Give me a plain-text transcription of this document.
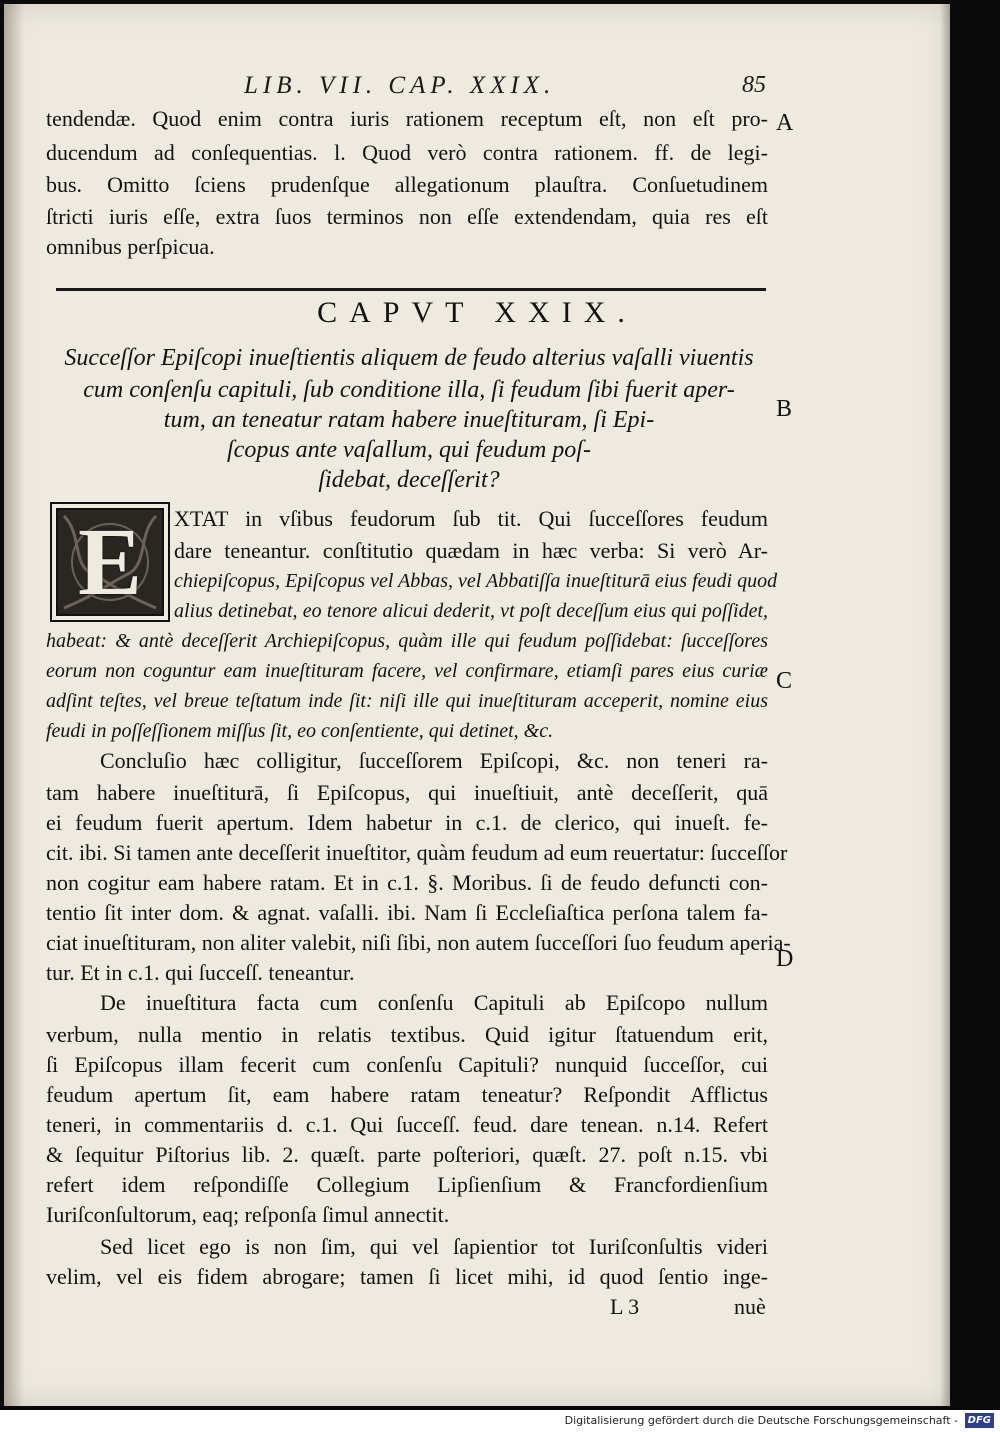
LIB. VII. CAP. XXIX.	85
tendendæ. Quod enim contra iuris rationem receptum eſt, non eſt pro-
ducendum ad conſequentias. l. Quod verò contra rationem. ff. de legi-
bus. Omitto ſciens prudenſque allegationum plauſtra. Conſuetudinem
ſtricti iuris eſſe, extra ſuos terminos non eſſe extendendam, quia res eſt
omnibus perſpicua.
CAPVT XXIX.
Succeſſor Epiſcopi inueſtientis aliquem de feudo alterius vaſalli viuentis
cum conſenſu capituli, ſub conditione illa, ſi feudum ſibi fuerit aper-
tum, an teneatur ratam habere inueſtituram, ſi Epi-
ſcopus ante vaſallum, qui feudum poſ-
ſidebat, deceſſerit?
E	XTAT in vſibus feudorum ſub tit. Qui ſucceſſores feudum
dare teneantur. conſtitutio quædam in hæc verba: Si verò Ar-
chiepiſcopus, Epiſcopus vel Abbas, vel Abbatiſſa inueſtiturā eius feudi quod
alius detinebat, eo tenore alicui dederit, vt poſt deceſſum eius qui poſſidet,
habeat: & antè deceſſerit Archiepiſcopus, quàm ille qui feudum poſſidebat: ſucceſſores
eorum non coguntur eam inueſtituram facere, vel confirmare, etiamſi pares eius curiæ
adſint teſtes, vel breue teſtatum inde ſit: niſi ille qui inueſtituram acceperit, nomine eius
feudi in poſſeſſionem miſſus ſit, eo conſentiente, qui detinet, &c.
Concluſio hæc colligitur, ſucceſſorem Epiſcopi, &c. non teneri ra-
tam habere inueſtiturā, ſi Epiſcopus, qui inueſtiuit, antè deceſſerit, quā
ei feudum fuerit apertum. Idem habetur in c.1. de clerico, qui inueſt. fe-
cit. ibi. Si tamen ante deceſſerit inueſtitor, quàm feudum ad eum reuertatur: ſucceſſor
non cogitur eam habere ratam. Et in c.1. §. Moribus. ſi de feudo defuncti con-
tentio ſit inter dom. & agnat. vaſalli. ibi. Nam ſi Eccleſiaſtica perſona talem fa-
ciat inueſtituram, non aliter valebit, niſi ſibi, non autem ſucceſſori ſuo feudum aperia-
tur. Et in c.1. qui ſucceſſ. teneantur.
De inueſtitura facta cum conſenſu Capituli ab Epiſcopo nullum
verbum, nulla mentio in relatis textibus. Quid igitur ſtatuendum erit,
ſi Epiſcopus illam fecerit cum conſenſu Capituli? nunquid ſucceſſor, cui
feudum apertum ſit, eam habere ratam teneatur? Reſpondit Afflictus
teneri, in commentariis d. c.1. Qui ſucceſſ. feud. dare tenean. n.14. Refert
& ſequitur Piſtorius lib. 2. quæſt. parte poſteriori, quæſt. 27. poſt n.15. vbi
refert idem reſpondiſſe Collegium Lipſienſium & Francfordienſium
Iuriſconſultorum, eaq; reſponſa ſimul annectit.
Sed licet ego is non ſim, qui vel ſapientior tot Iuriſconſultis videri
velim, vel eis fidem abrogare; tamen ſi licet mihi, id quod ſentio inge-
L 3	nuè
A
B
C
D
Digitalisierung gefördert durch die Deutsche Forschungsgemeinschaft - DFG
